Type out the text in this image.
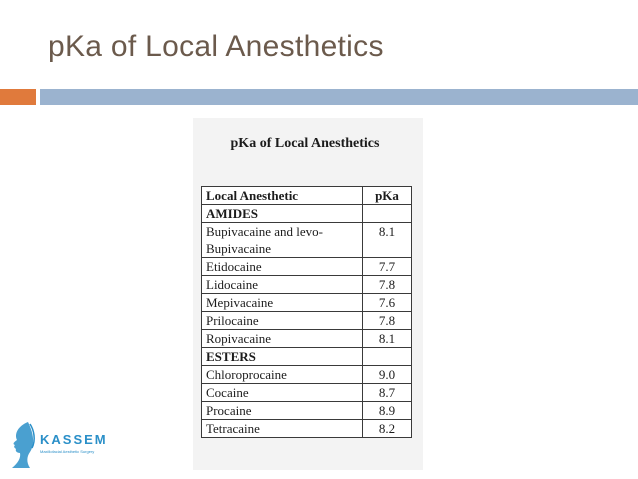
pKa of Local Anesthetics
pKa of Local Anesthetics
Local Anesthetic	pKa
AMIDES	
Bupivacaine and levo-
Bupivacaine	8.1
Etidocaine	7.7
Lidocaine	7.8
Mepivacaine	7.6
Prilocaine	7.8
Ropivacaine	8.1
ESTERS	
Chloroprocaine	9.0
Cocaine	8.7
Procaine	8.9
Tetracaine	8.2
KASSEM
Maxillofacial Aesthetic Surgery
